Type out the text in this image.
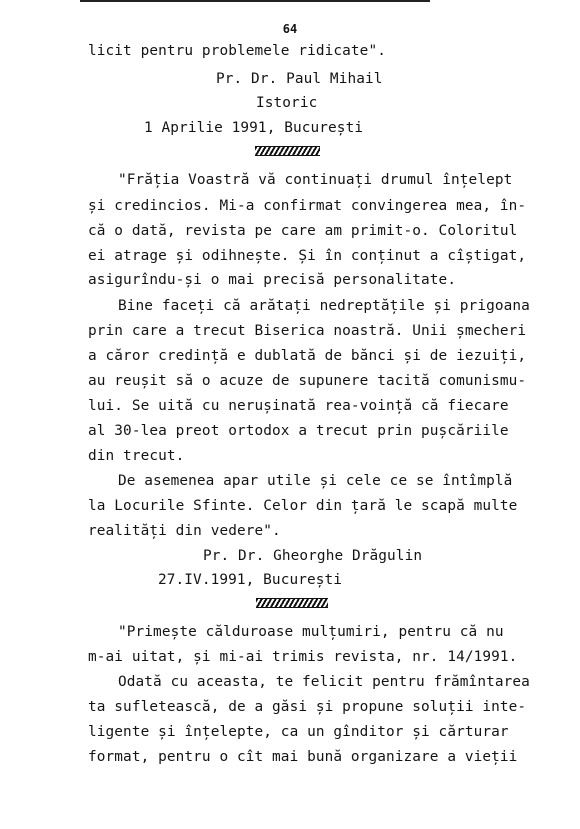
64
licit pentru problemele ridicate".
Pr. Dr. Paul Mihail
Istoric
1 Aprilie 1991, București
"Frăția Voastră vă continuați drumul înțelept
și credincios. Mi-a confirmat convingerea mea, în-
că o dată, revista pe care am primit-o. Coloritul
ei atrage și odihnește. Și în conținut a cîștigat,
asigurîndu-și o mai precisă personalitate.
Bine faceți că arătați nedreptățile și prigoana
prin care a trecut Biserica noastră. Unii șmecheri
a căror credință e dublată de bănci și de iezuiți,
au reușit să o acuze de supunere tacită comunismu-
lui. Se uită cu nerușinată rea-voință că fiecare
al 30-lea preot ortodox a trecut prin pușcăriile
din trecut.
De asemenea apar utile și cele ce se întîmplă
la Locurile Sfinte. Celor din țară le scapă multe
realități din vedere".
Pr. Dr. Gheorghe Drăgulin
27.IV.1991, București
"Primește călduroase mulțumiri, pentru că nu
m-ai uitat, și mi-ai trimis revista, nr. 14/1991.
Odată cu aceasta, te felicit pentru frămîntarea
ta sufletească, de a găsi și propune soluții inte-
ligente și înțelepte, ca un gînditor și cărturar
format, pentru o cît mai bună organizare a vieții
